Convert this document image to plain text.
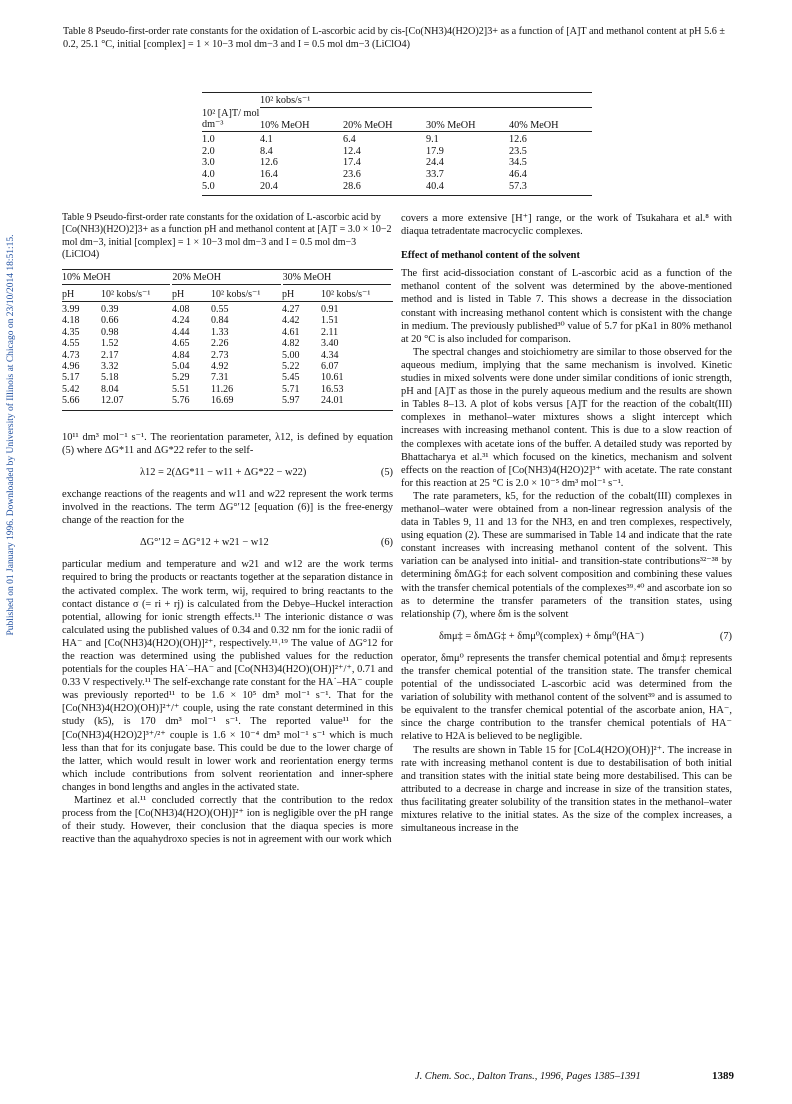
Published on 01 January 1996. Downloaded by University of Illinois at Chicago on 23/10/2014 18:51:15.
Table 8 Pseudo-first-order rate constants for the oxidation of L-ascorbic acid by cis-[Co(NH3)4(H2O)2]3+ as a function of [A]T and methanol content at pH 5.6 ± 0.2, 25.1 °C, initial [complex] = 1 × 10−3 mol dm−3 and I = 0.5 mol dm−3 (LiClO4)
10² kobs/s⁻¹
10² [A]T/ mol dm⁻³	10% MeOH	20% MeOH	30% MeOH	40% MeOH
1.0	4.1	6.4	9.1	12.6
2.0	8.4	12.4	17.9	23.5
3.0	12.6	17.4	24.4	34.5
4.0	16.4	23.6	33.7	46.4
5.0	20.4	28.6	40.4	57.3
Table 9 Pseudo-first-order rate constants for the oxidation of L-ascorbic acid by [Co(NH3)(H2O)2]3+ as a function pH and methanol content at [A]T = 3.0 × 10−2 mol dm−3, initial [complex] = 1 × 10−3 mol dm−3 and I = 0.5 mol dm−3 (LiClO4)
10% MeOH	20% MeOH	30% MeOH
pH	10² kobs/s⁻¹	pH	10² kobs/s⁻¹	pH	10² kobs/s⁻¹
3.99	0.39	4.08	0.55	4.27	0.91
4.18	0.66	4.24	0.84	4.42	1.51
4.35	0.98	4.44	1.33	4.61	2.11
4.55	1.52	4.65	2.26	4.82	3.40
4.73	2.17	4.84	2.73	5.00	4.34
4.96	3.32	5.04	4.92	5.22	6.07
5.17	5.18	5.29	7.31	5.45	10.61
5.42	8.04	5.51	11.26	5.71	16.53
5.66	12.07	5.76	16.69	5.97	24.01

10¹¹ dm³ mol⁻¹ s⁻¹. The reorientation parameter, λ12, is defined by equation (5) where ΔG*11 and ΔG*22 refer to the self-

λ12 = 2(ΔG*11 − w11 + ΔG*22 − w22)	(5)

exchange reactions of the reagents and w11 and w22 represent the work terms involved in the reactions. The term ΔG°′12 [equation (6)] is the free-energy change of the reaction for the

ΔG°′12 = ΔG°12 + w21 − w12	(6)

particular medium and temperature and w21 and w12 are the work terms required to bring the products or reactants together at the separation distance in the activated complex. The work term, wij, required to bring reactants to the contact distance σ (= ri + rj) is calculated from the Debye–Huckel interaction potential, allowing for ionic strength effects.¹¹ The interionic distance σ was calculated using the published values of 0.34 and 0.32 nm for the ionic radii of HA⁻ and [Co(NH3)4(H2O)(OH)]²⁺, respectively.¹¹˒¹⁹ The value of ΔG°12 for the reaction was determined using the published values for the reduction potentials for the couples HA˙–HA⁻ and [Co(NH3)4(H2O)(OH)]²⁺/⁺, 0.71 and 0.33 V respectively.¹¹ The self-exchange rate constant for the HA˙–HA⁻ couple was previously reported¹¹ to be 1.6 × 10⁵ dm³ mol⁻¹ s⁻¹. That for the [Co(NH3)4(H2O)(OH)]²⁺/⁺ couple, using the rate constant determined in this study (k5), is 170 dm³ mol⁻¹ s⁻¹. The reported value¹¹ for the [Co(NH3)4(H2O)2]³⁺/²⁺ couple is 1.6 × 10⁻⁴ dm³ mol⁻¹ s⁻¹ which is much less than that for its conjugate base. This could be due to the lower charge of the latter, which would result in lower work and reorientation energy terms which include contributions from solvent reorientation and inner-sphere changes in bond lengths and angles in the activated state.

Martinez et al.¹¹ concluded correctly that the contribution to the redox process from the [Co(NH3)4(H2O)(OH)]²⁺ ion is negligible over the pH range of their study. However, their conclusion that the diaqua species is more reactive than the aquahydroxo species is not in agreement with our work which

covers a more extensive [H⁺] range, or the work of Tsukahara et al.⁸ with diaqua tetradentate macrocyclic complexes.

Effect of methanol content of the solvent

The first acid-dissociation constant of L-ascorbic acid as a function of the methanol content of the solvent was determined by the above-mentioned method and is listed in Table 7. This shows a decrease in the dissociation constant with increasing methanol content which is consistent with the change in medium. The previously published³⁰ value of 5.7 for pKa1 in 80% methanol at 20 °C is also included for comparison.

The spectral changes and stoichiometry are similar to those observed for the aqueous medium, implying that the same mechanism is involved. Kinetic studies in mixed solvents were done under similar conditions of ionic strength, pH and [A]T as those in the purely aqueous medium and the results are shown in Tables 8–13. A plot of kobs versus [A]T for the reaction of the cobalt(III) complexes in methanol–water mixtures shows a slight intercept which increases with increasing methanol content. This is due to a slow reaction of the complexes with acetate ions of the buffer. A detailed study was reported by Bhattacharya et al.³¹ which focused on the kinetics, mechanism and solvent effects on the reaction of [Co(NH3)4(H2O)2]³⁺ with acetate. The rate constant for this reaction at 25 °C is 2.0 × 10⁻⁵ dm³ mol⁻¹ s⁻¹.

The rate parameters, k5, for the reduction of the cobalt(III) complexes in methanol–water were obtained from a non-linear regression analysis of the data in Tables 9, 11 and 13 for the NH3, en and tren complexes, respectively, using equation (2). These are summarised in Table 14 and indicate that the rate constant increases with increasing methanol content of the solvent. This variation can be analysed into initial- and transition-state contributions³²⁻³⁸ by determining δmΔG‡ for each solvent composition and combining these values with the transfer chemical potentials of the complexes³⁹˒⁴⁰ and ascorbate ion so as to determine the transfer parameters of the transition states, using relationship (7), where δm is the solvent

δmμ‡ = δmΔG‡ + δmμ⁰(complex) + δmμ⁰(HA⁻)	(7)

operator, δmμ⁰ represents the transfer chemical potential and δmμ‡ represents the transfer chemical potential of the transition state. The transfer chemical potential of the undissociated L-ascorbic acid was determined from the variation of solubility with methanol content of the solvent³⁹ and is assumed to be equivalent to the transfer chemical potential of the ascorbate anion, HA⁻, since the charge contribution to the transfer chemical potentials of HA⁻ relative to H2A is believed to be negligible.

The results are shown in Table 15 for [CoL4(H2O)(OH)]²⁺. The increase in rate with increasing methanol content is due to destabilisation of both initial and transition states with the initial state being more destabilised. This can be attributed to a decrease in charge and increase in size of the transition states, thus facilitating greater solubility of the transition states in the methanol–water mixtures relative to the initial states. As the size of the complex increases, a simultaneous increase in the

J. Chem. Soc., Dalton Trans., 1996, Pages 1385–1391	1389
